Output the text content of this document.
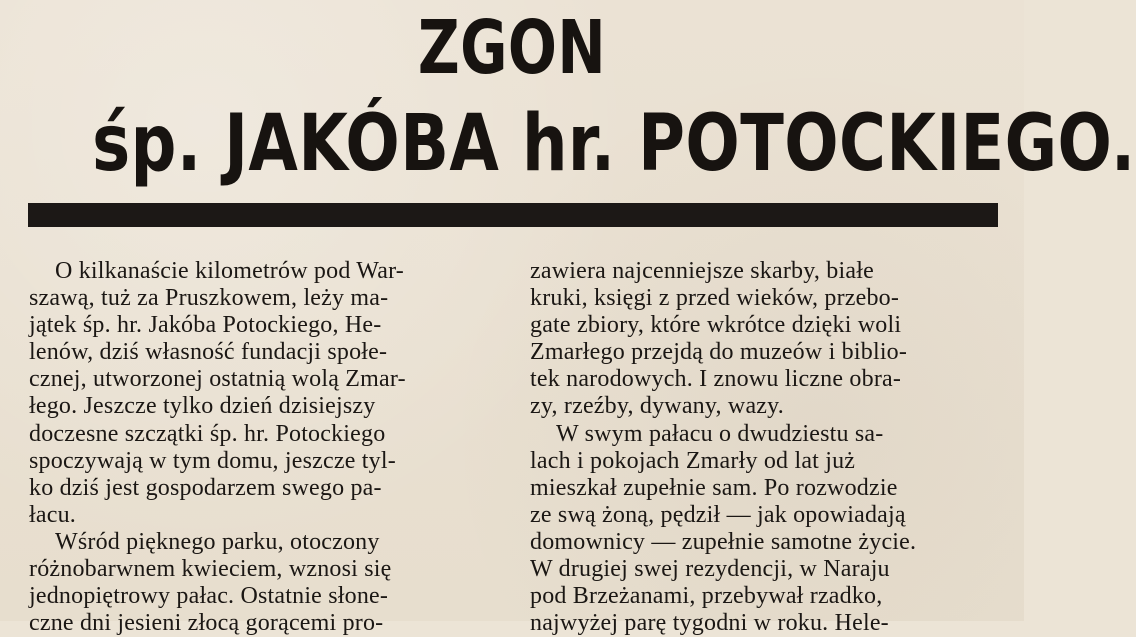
ZGON
śp. JAKÓBA hr. POTOCKIEGO.
O kilkanaście kilometrów pod War-
szawą, tuż za Pruszkowem, leży ma-
jątek śp. hr. Jakóba Potockiego, He-
lenów, dziś własność fundacji społe-
cznej, utworzonej ostatnią wolą Zmar-
łego. Jeszcze tylko dzień dzisiejszy
doczesne szczątki śp. hr. Potockiego
spoczywają w tym domu, jeszcze tyl-
ko dziś jest gospodarzem swego pa-
łacu.
Wśród pięknego parku, otoczony
różnobarwnem kwieciem, wznosi się
jednopiętrowy pałac. Ostatnie słone-
czne dni jesieni złocą gorącemi pro-
zawiera najcenniejsze skarby, białe
kruki, księgi z przed wieków, przebo-
gate zbiory, które wkrótce dzięki woli
Zmarłego przejdą do muzeów i biblio-
tek narodowych. I znowu liczne obra-
zy, rzeźby, dywany, wazy.
W swym pałacu o dwudziestu sa-
lach i pokojach Zmarły od lat już
mieszkał zupełnie sam. Po rozwodzie
ze swą żoną, pędził — jak opowiadają
domownicy — zupełnie samotne życie.
W drugiej swej rezydencji, w Naraju
pod Brzeżanami, przebywał rzadko,
najwyżej parę tygodni w roku. Hele-
